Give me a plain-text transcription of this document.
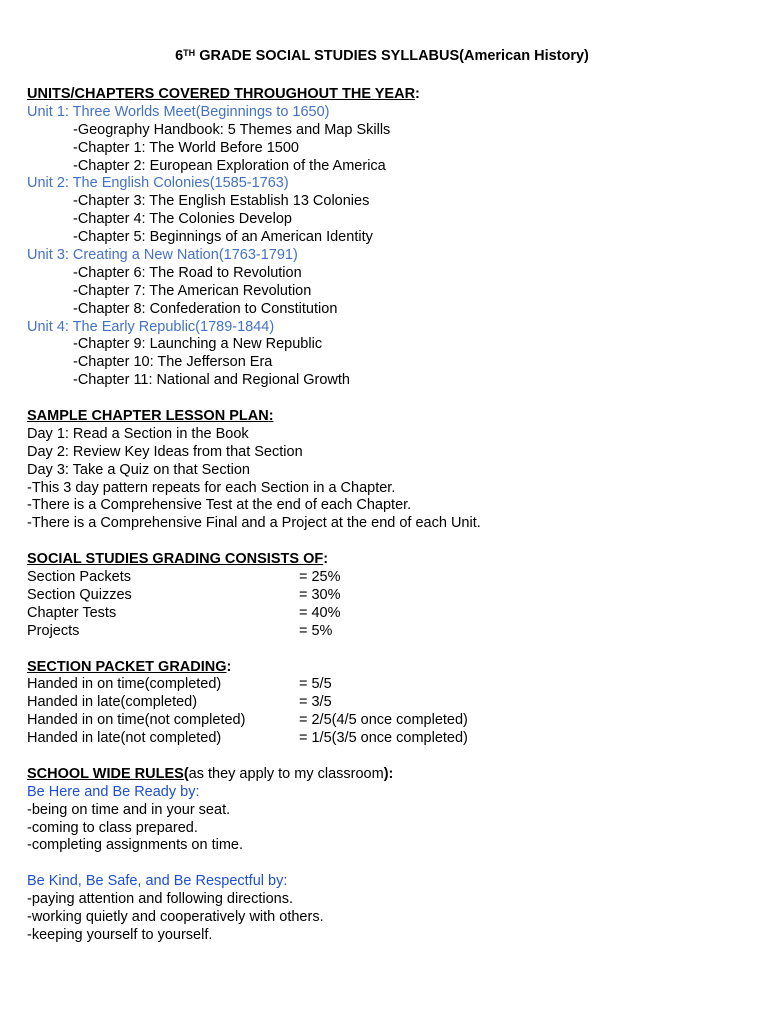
6TH GRADE SOCIAL STUDIES SYLLABUS(American History)
UNITS/CHAPTERS COVERED THROUGHOUT THE YEAR:
Unit 1: Three Worlds Meet(Beginnings to 1650)
-Geography Handbook: 5 Themes and Map Skills
-Chapter 1: The World Before 1500
-Chapter 2: European Exploration of the America
Unit 2: The English Colonies(1585-1763)
-Chapter 3: The English Establish 13 Colonies
-Chapter 4: The Colonies Develop
-Chapter 5: Beginnings of an American Identity
Unit 3: Creating a New Nation(1763-1791)
-Chapter 6: The Road to Revolution
-Chapter 7: The American Revolution
-Chapter 8: Confederation to Constitution
Unit 4: The Early Republic(1789-1844)
-Chapter 9: Launching a New Republic
-Chapter 10: The Jefferson Era
-Chapter 11: National and Regional Growth
SAMPLE CHAPTER LESSON PLAN:
Day 1: Read a Section in the Book
Day 2: Review Key Ideas from that Section
Day 3: Take a Quiz on that Section
-This 3 day pattern repeats for each Section in a Chapter.
-There is a Comprehensive Test at the end of each Chapter.
-There is a Comprehensive Final and a Project at the end of each Unit.
SOCIAL STUDIES GRADING CONSISTS OF:
Section Packets	= 25%
Section Quizzes	= 30%
Chapter Tests	= 40%
Projects	= 5%
SECTION PACKET GRADING:
Handed in on time(completed)	= 5/5
Handed in late(completed)	= 3/5
Handed in on time(not completed)	= 2/5(4/5 once completed)
Handed in late(not completed)	= 1/5(3/5 once completed)
SCHOOL WIDE RULES(as they apply to my classroom):
Be Here and Be Ready by:
-being on time and in your seat.
-coming to class prepared.
-completing assignments on time.
Be Kind, Be Safe, and Be Respectful by:
-paying attention and following directions.
-working quietly and cooperatively with others.
-keeping yourself to yourself.
